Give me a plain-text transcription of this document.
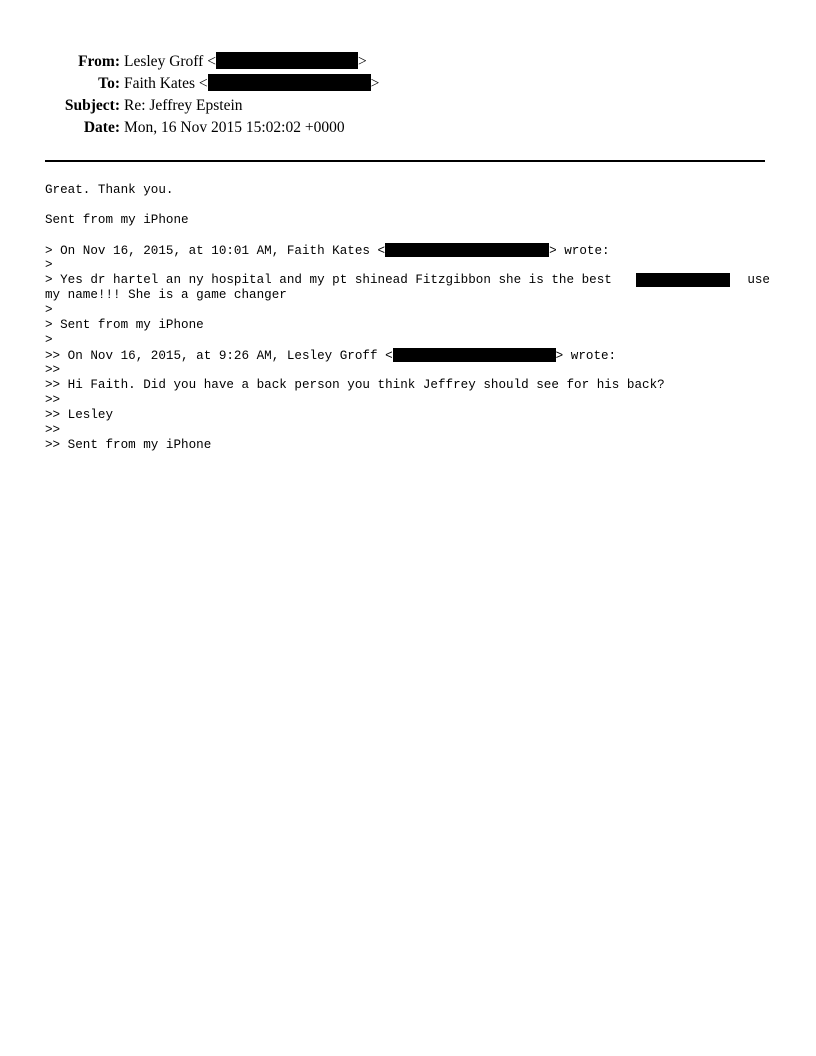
From: Lesley Groff <	>
To: Faith Kates <	>
Subject: Re: Jeffrey Epstein
Date: Mon, 16 Nov 2015 15:02:02 +0000
Great. Thank you.
Sent from my iPhone
> On Nov 16, 2015, at 10:01 AM, Faith Kates <	> wrote:
>
> Yes dr hartel an ny hospital and my pt shinead Fitzgibbon she is the best	use
my name!!! She is a game changer
>
> Sent from my iPhone
>
>> On Nov 16, 2015, at 9:26 AM, Lesley Groff <	> wrote:
>>
>> Hi Faith. Did you have a back person you think Jeffrey should see for his back?
>>
>> Lesley
>>
>> Sent from my iPhone
